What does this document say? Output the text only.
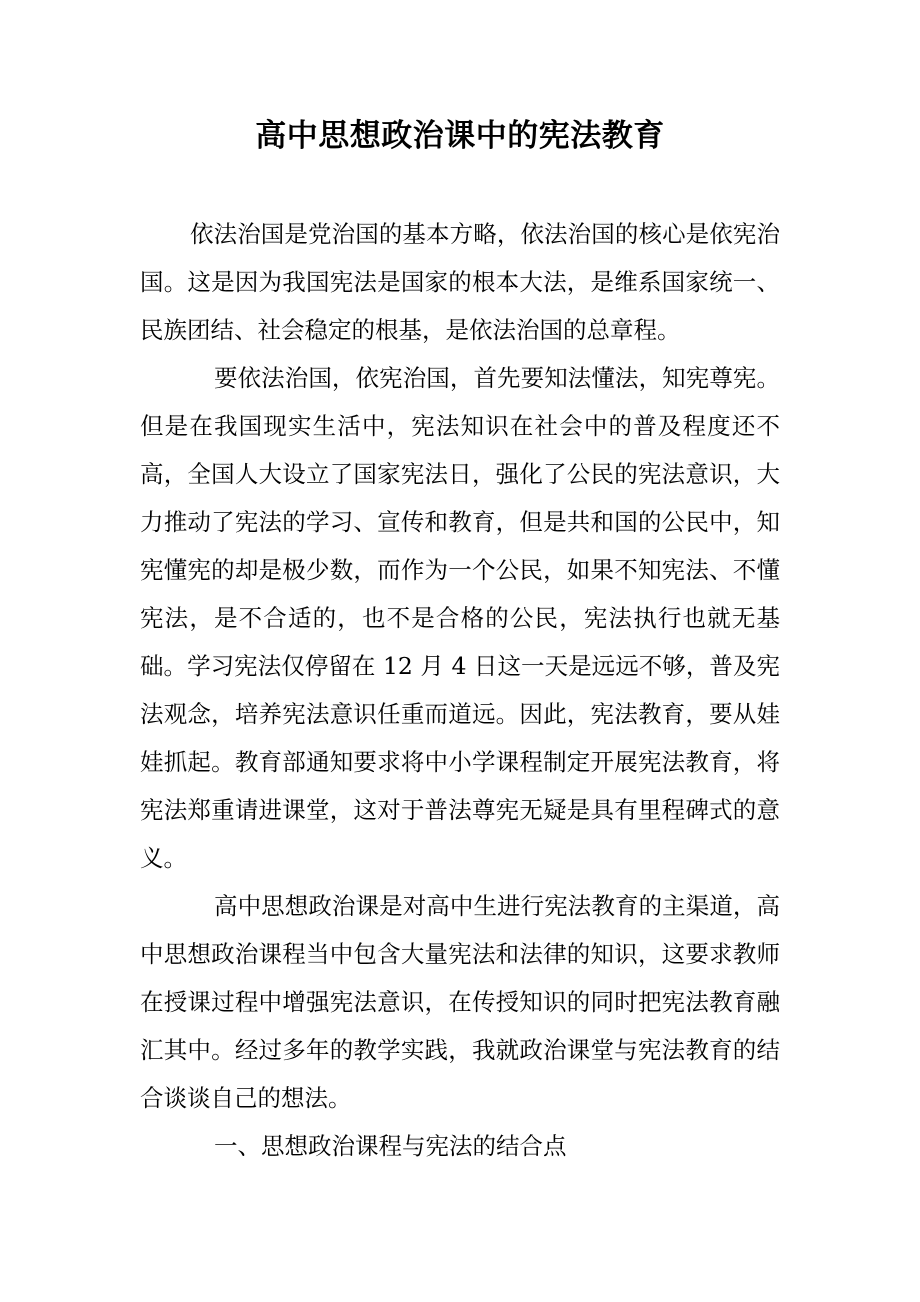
高中思想政治课中的宪法教育

依法治国是党治国的基本方略，依法治国的核心是依宪治国。这是因为我国宪法是国家的根本大法，是维系国家统一、民族团结、社会稳定的根基，是依法治国的总章程。

要依法治国，依宪治国，首先要知法懂法，知宪尊宪。但是在我国现实生活中，宪法知识在社会中的普及程度还不高，全国人大设立了国家宪法日，强化了公民的宪法意识，大力推动了宪法的学习、宣传和教育，但是共和国的公民中，知宪懂宪的却是极少数，而作为一个公民，如果不知宪法、不懂宪法，是不合适的，也不是合格的公民，宪法执行也就无基础。学习宪法仅停留在 12 月 4 日这一天是远远不够，普及宪法观念，培养宪法意识任重而道远。因此，宪法教育，要从娃娃抓起。教育部通知要求将中小学课程制定开展宪法教育，将宪法郑重请进课堂，这对于普法尊宪无疑是具有里程碑式的意义。

高中思想政治课是对高中生进行宪法教育的主渠道，高中思想政治课程当中包含大量宪法和法律的知识，这要求教师在授课过程中增强宪法意识，在传授知识的同时把宪法教育融汇其中。经过多年的教学实践，我就政治课堂与宪法教育的结合谈谈自己的想法。

一、思想政治课程与宪法的结合点
